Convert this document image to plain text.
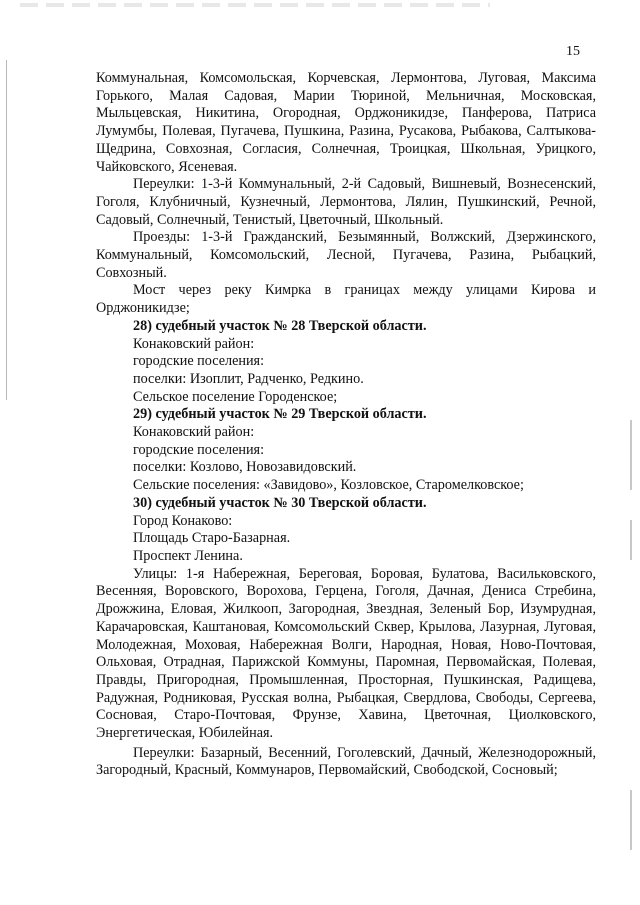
15

Коммунальная, Комсомольская, Корчевская, Лермонтова, Луговая, Максима Горького, Малая Садовая, Марии Тюриной, Мельничная, Московская, Мыльцевская, Никитина, Огородная, Орджоникидзе, Панферова, Патриса Лумумбы, Полевая, Пугачева, Пушкина, Разина, Русакова, Рыбакова, Салтыкова-Щедрина, Совхозная, Согласия, Солнечная, Троицкая, Школьная, Урицкого, Чайковского, Ясеневая.

Переулки: 1-3-й Коммунальный, 2-й Садовый, Вишневый, Вознесенский, Гоголя, Клубничный, Кузнечный, Лермонтова, Лялин, Пушкинский, Речной, Садовый, Солнечный, Тенистый, Цветочный, Школьный.

Проезды: 1-3-й Гражданский, Безымянный, Волжский, Дзержинского, Коммунальный, Комсомольский, Лесной, Пугачева, Разина, Рыбацкий, Совхозный.

Мост через реку Кимрка в границах между улицами Кирова и Орджоникидзе;

28) судебный участок № 28 Тверской области.

Конаковский район:

городские поселения:

поселки: Изоплит, Радченко, Редкино.

Сельское поселение Городенское;

29) судебный участок № 29 Тверской области.

Конаковский район:

городские поселения:

поселки: Козлово, Новозавидовский.

Сельские поселения: «Завидово», Козловское, Старомелковское;

30) судебный участок № 30 Тверской области.

Город Конаково:

Площадь Старо-Базарная.

Проспект Ленина.

Улицы: 1-я Набережная, Береговая, Боровая, Булатова, Васильковского, Весенняя, Воровского, Ворохова, Герцена, Гоголя, Дачная, Дениса Стребина, Дрожжина, Еловая, Жилкооп, Загородная, Звездная, Зеленый Бор, Изумрудная, Карачаровская, Каштановая, Комсомольский Сквер, Крылова, Лазурная, Луговая, Молодежная, Моховая, Набережная Волги, Народная, Новая, Ново-Почтовая, Ольховая, Отрадная, Парижской Коммуны, Паромная, Первомайская, Полевая, Правды, Пригородная, Промышленная, Просторная, Пушкинская, Радищева, Радужная, Родниковая, Русская волна, Рыбацкая, Свердлова, Свободы, Сергеева, Сосновая, Старо-Почтовая, Фрунзе, Хавина, Цветочная, Циолковского, Энергетическая, Юбилейная.

Переулки: Базарный, Весенний, Гоголевский, Дачный, Железнодорожный, Загородный, Красный, Коммунаров, Первомайский, Свободской, Сосновый;
